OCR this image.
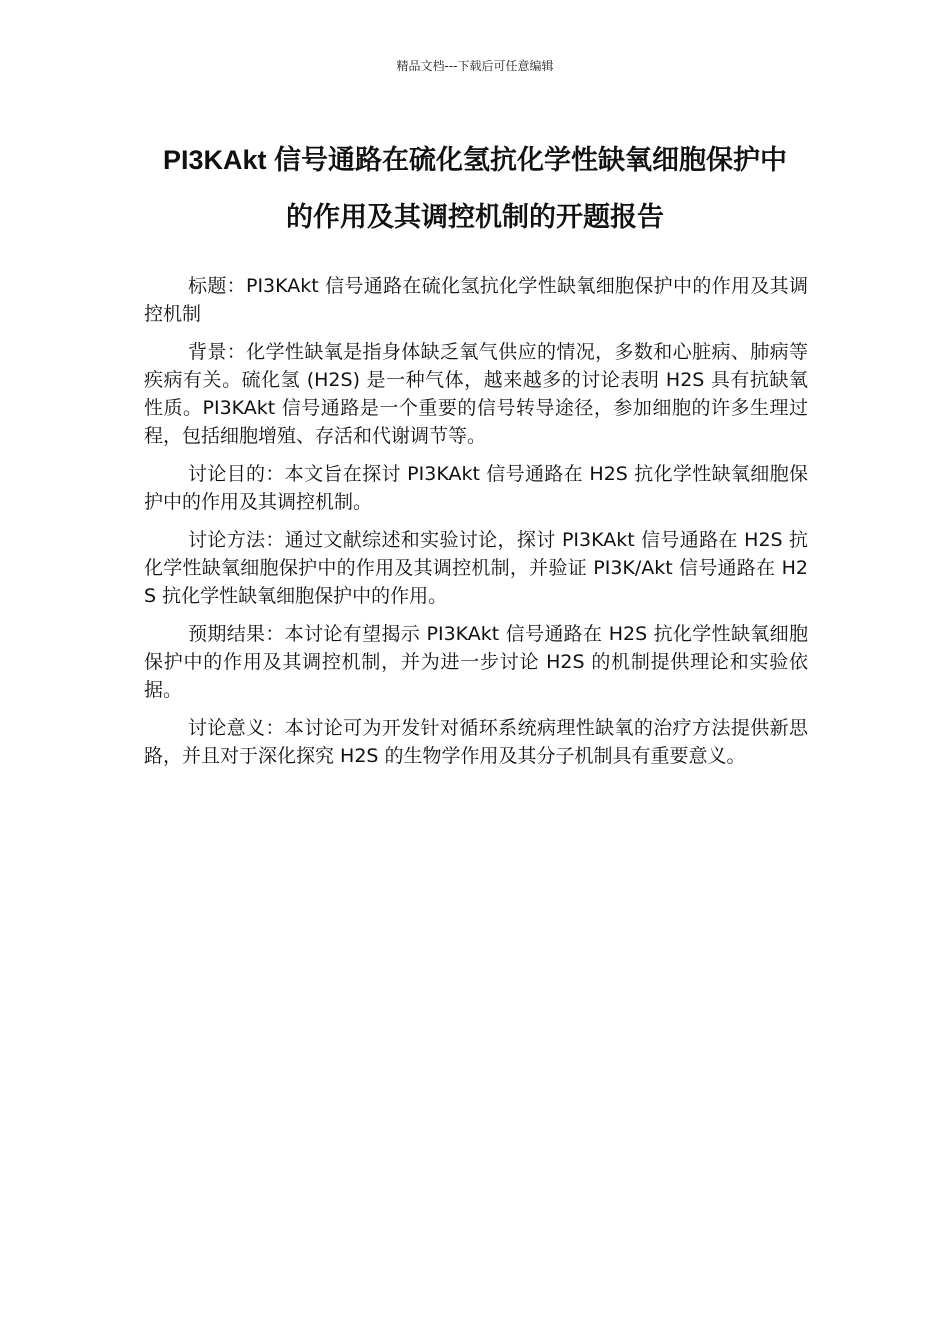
精品文档---下载后可任意编辑
PI3KAkt 信号通路在硫化氢抗化学性缺氧细胞保护中
的作用及其调控机制的开题报告

标题：PI3KAkt 信号通路在硫化氢抗化学性缺氧细胞保护中的作用及其调控机制

背景：化学性缺氧是指身体缺乏氧气供应的情况，多数和心脏病、肺病等疾病有关。硫化氢 (H2S) 是一种气体，越来越多的讨论表明 H2S 具有抗缺氧性质。PI3KAkt 信号通路是一个重要的信号转导途径，参加细胞的许多生理过程，包括细胞增殖、存活和代谢调节等。

讨论目的：本文旨在探讨 PI3KAkt 信号通路在 H2S 抗化学性缺氧细胞保护中的作用及其调控机制。

讨论方法：通过文献综述和实验讨论，探讨 PI3KAkt 信号通路在 H2S 抗化学性缺氧细胞保护中的作用及其调控机制，并验证 PI3K/Akt 信号通路在 H2S 抗化学性缺氧细胞保护中的作用。

预期结果：本讨论有望揭示 PI3KAkt 信号通路在 H2S 抗化学性缺氧细胞保护中的作用及其调控机制，并为进一步讨论 H2S 的机制提供理论和实验依据。

讨论意义：本讨论可为开发针对循环系统病理性缺氧的治疗方法提供新思路，并且对于深化探究 H2S 的生物学作用及其分子机制具有重要意义。
